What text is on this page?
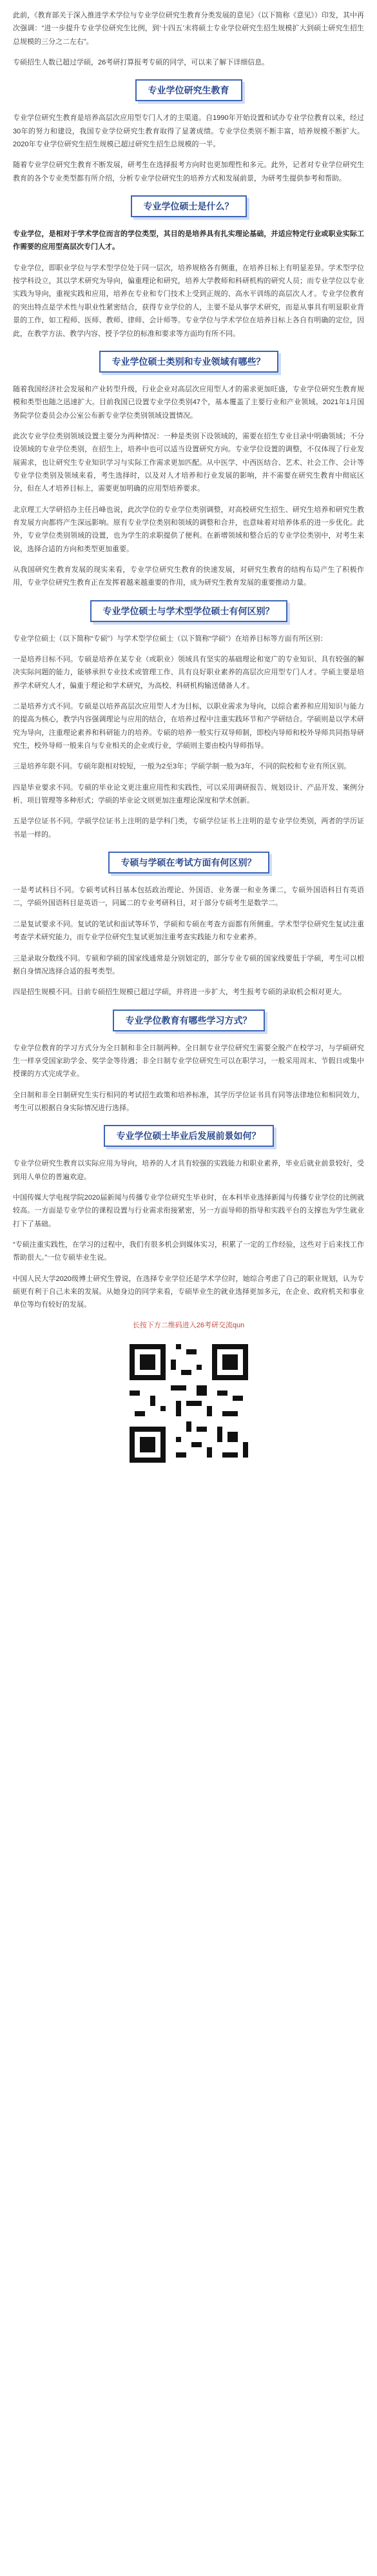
此前，《教育部关于深入推进学术学位与专业学位研究生教育分类发展的意见》（以下简称《意见》）印发，其中再次强调：“进一步提升专业学位研究生比例，到‘十四五’末将硕士专业学位研究生招生规模扩大到硕士研究生招生总规模的三分之二左右”。

专硕招生人数已超过学硕，26考研打算报考专硕的同学，可以来了解下详细信息。

专业学位研究生教育

专业学位研究生教育是培养高层次应用型专门人才的主渠道。自1990年开始设置和试办专业学位教育以来，经过30年的努力和建设，我国专业学位研究生教育取得了显著成绩。专业学位类别不断丰富，培养规模不断扩大。2020年专业学位研究生招生规模已超过研究生招生总规模的一半。

随着专业学位研究生教育不断发展，研考生在选择报考方向时也更加理性和多元。此外，记者对专业学位研究生教育的各个专业类型都有所介绍，分析专业学位研究生的培养方式和发展前景，为研考生提供参考和帮助。

专业学位硕士是什么？

专业学位，是相对于学术学位而言的学位类型，其目的是培养具有扎实理论基础，并适应特定行业或职业实际工作需要的应用型高层次专门人才。

专业学位，即职业学位与学术型学位处于同一层次，培养规格各有侧重，在培养目标上有明显差异。学术型学位按学科设立，其以学术研究为导向，偏重理论和研究，培养大学教师和科研机构的研究人员；而专业学位以专业实践为导向，重视实践和应用，培养在专业和专门技术上受到正规的、高水平训练的高层次人才。专业学位教育的突出特点是学术性与职业性紧密结合，获得专业学位的人，主要不是从事学术研究，而是从事具有明显职业背景的工作，如工程师、医师、教师、律师、会计师等。专业学位与学术学位在培养目标上各自有明确的定位，因此，在教学方法、教学内容、授予学位的标准和要求等方面均有所不同。

专业学位硕士类别和专业领域有哪些？

随着我国经济社会发展和产业转型升级，行业企业对高层次应用型人才的需求更加旺盛，专业学位研究生教育规模和类型也随之迅速扩大。目前我国已设置专业学位类别47个，基本覆盖了主要行业和产业领域。2021年1月国务院学位委员会办公室公布新专业学位类别领域设置情况。

此次专业学位类别领域设置主要分为两种情况：一种是类别下设领域的，需要在招生专业目录中明确领域；不分设领域的专业学位类别，在招生上，培养中也可以适当设置研究方向。专业学位设置的调整，不仅体现了行业发展需求，也让研究生专业知识学习与实际工作需求更加匹配。从中医学、中西医结合、艺术、社会工作、会计等专业学位类别及领域来看，考生选择时，以及对人才培养和行业发展的影响，并不需要在研究生教育中彻底区分，但在人才培养目标上，需要更加明确的应用型培养要求。

北京理工大学研招办主任吕峰也说，此次学位的专业学位类别调整，对高校研究生招生、研究生培养和研究生教育发展方向都将产生深远影响。原有专业学位类别和领域的调整和合并，也意味着对培养体系的进一步优化。此外，专业学位类别领域的设置，也为学生的求职提供了便利。在新增领域和整合后的专业学位类别中，对考生来说，选择合适的方向和类型更加重要。

从我国研究生教育发展的现实来看，专业学位研究生教育的快速发展，对研究生教育的结构布局产生了积极作用，专业学位研究生教育正在发挥着越来越重要的作用，成为研究生教育发展的重要推动力量。

专业学位硕士与学术型学位硕士有何区别？

专业学位硕士（以下简称“专硕”）与学术型学位硕士（以下简称“学硕”）在培养目标等方面有所区别：

一是培养目标不同。专硕是培养在某专业（或职业）领域具有坚实的基础理论和宽广的专业知识、具有较强的解决实际问题的能力，能够承担专业技术或管理工作、具有良好职业素养的高层次应用型专门人才。学硕主要是培养学术研究人才，偏重于理论和学术研究，为高校、科研机构输送储备人才。

二是培养方式不同。专硕是以培养高层次应用型人才为目标，以职业需求为导向，以综合素养和应用知识与能力的提高为核心，教学内容强调理论与应用的结合，在培养过程中注重实践环节和产学研结合。学硕则是以学术研究为导向，注重理论素养和科研能力的培养。专硕的培养一般实行双导师制，即校内导师和校外导师共同指导研究生，校外导师一般来自与专业相关的企业或行业，学硕则主要由校内导师指导。

三是培养年限不同。专硕年限相对较短，一般为2至3年；学硕学制一般为3年，不同的院校和专业有所区别。

四是毕业要求不同。专硕的毕业论文更注重应用性和实践性，可以采用调研报告、规划设计、产品开发、案例分析、项目管理等多种形式；学硕的毕业论文则更加注重理论深度和学术创新。

五是学位证书不同。学硕学位证书上注明的是学科门类，专硕学位证书上注明的是专业学位类别，两者的学历证书是一样的。

专硕与学硕在考试方面有何区别？

一是考试科目不同。专硕考试科目基本包括政治理论、外国语、业务课一和业务课二，专硕外国语科目有英语二，学硕外国语科目是英语一，同属二的专业考研科目，对于部分专硕考生是数学二。

二是复试要求不同。复试的笔试和面试等环节，学硕和专硕在考查方面都有所侧重。学术型学位研究生复试注重考查学术研究能力，而专业学位研究生复试更加注重考查实践能力和专业素养。

三是录取分数线不同。专硕和学硕的国家线通常是分别划定的，部分专业专硕的国家线要低于学硕，考生可以根据自身情况选择合适的报考类型。

四是招生规模不同。目前专硕招生规模已超过学硕，并将进一步扩大，考生报考专硕的录取机会相对更大。

专业学位教育有哪些学习方式？

专业学位教育的学习方式分为全日制和非全日制两种。全日制专业学位研究生需要全脱产在校学习，与学硕研究生一样享受国家助学金、奖学金等待遇；非全日制专业学位研究生可以在职学习，一般采用周末、节假日或集中授课的方式完成学业。

全日制和非全日制研究生实行相同的考试招生政策和培养标准，其学历学位证书具有同等法律地位和相同效力，考生可以根据自身实际情况进行选择。

专业学位硕士毕业后发展前景如何？

专业学位研究生教育以实际应用为导向，培养的人才具有较强的实践能力和职业素养，毕业后就业前景较好，受到用人单位的普遍欢迎。

中国传媒大学电视学院2020届新闻与传播专业学位研究生毕业时，在本科毕业选择新闻与传播专业学位的比例就较高。一方面是专业学位的课程设置与行业需求衔接紧密，另一方面导师的指导和实践平台的支撑也为学生就业打下了基础。

“专硕注重实践性，在学习的过程中，我们有很多机会到媒体实习，积累了一定的工作经验，这些对于后来找工作帮助很大。”一位专硕毕业生说。

中国人民大学2020级博士研究生曾说，在选择专业学位还是学术学位时，她综合考虑了自己的职业规划，认为专硕更有利于自己未来的发展。从她身边的同学来看，专硕毕业生的就业选择更加多元，在企业、政府机关和事业单位等均有较好的发展。

长按下方二维码进入26考研交流qun
